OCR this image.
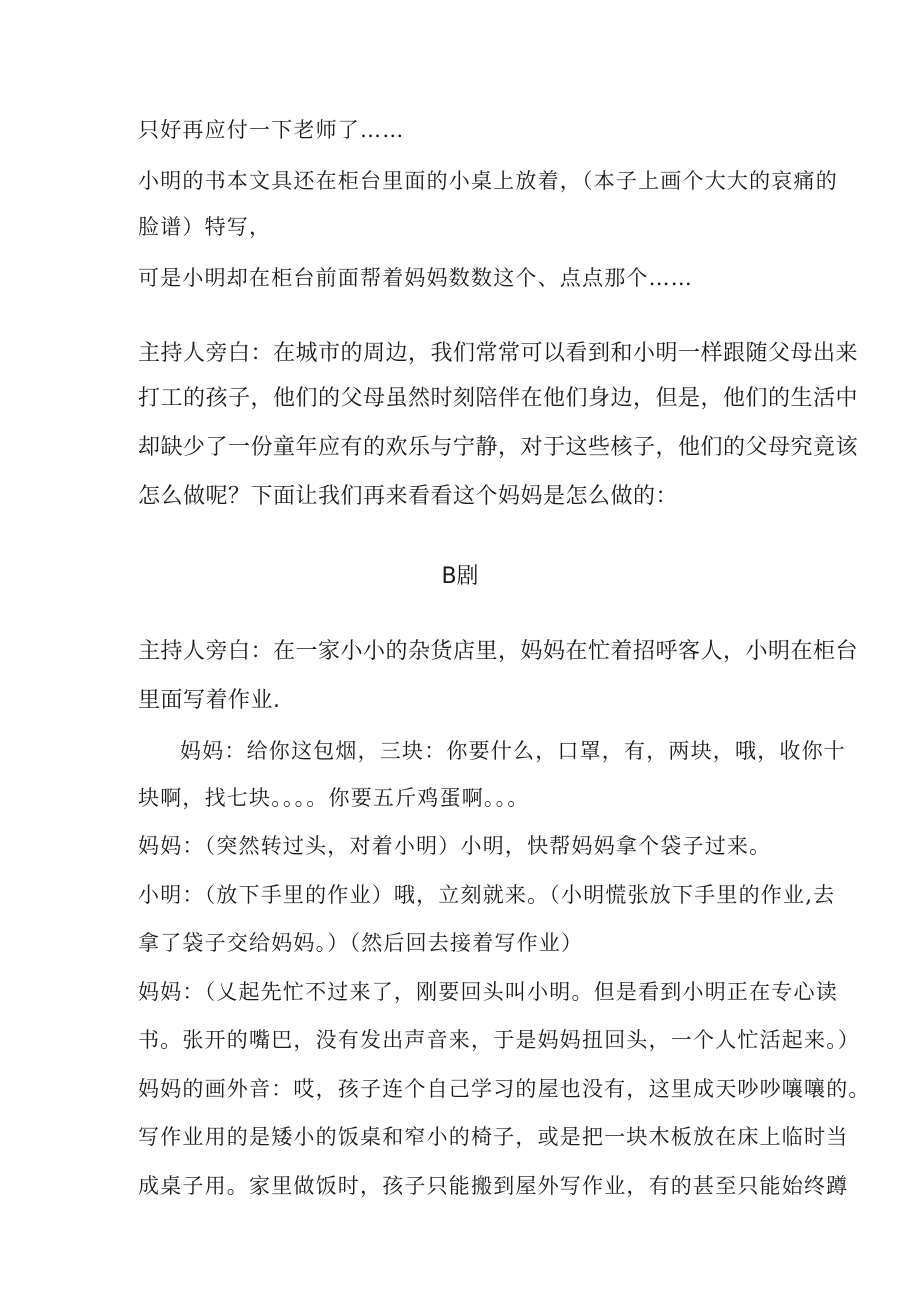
只好再应付一下老师了……
小明的书本文具还在柜台里面的小桌上放着，（本子上画个大大的哀痛的
脸谱）特写，
可是小明却在柜台前面帮着妈妈数数这个、点点那个……
主持人旁白：在城市的周边，我们常常可以看到和小明一样跟随父母出来
打工的孩子，他们的父母虽然时刻陪伴在他们身边，但是，他们的生活中
却缺少了一份童年应有的欢乐与宁静，对于这些核子，他们的父母究竟该
怎么做呢？下面让我们再来看看这个妈妈是怎么做的：
B剧
主持人旁白：在一家小小的杂货店里，妈妈在忙着招呼客人，小明在柜台
里面写着作业.
妈妈：给你这包烟，三块：你要什么，口罩，有，两块，哦，收你十
块啊，找七块。。。。你要五斤鸡蛋啊。。。
妈妈：（突然转过头，对着小明）小明，快帮妈妈拿个袋子过来。
小明：（放下手里的作业）哦，立刻就来。（小明慌张放下手里的作业,去
拿了袋子交给妈妈。）（然后回去接着写作业）
妈妈：（乂起先忙不过来了，刚要回头叫小明。但是看到小明正在专心读
书。张开的嘴巴，没有发出声音来，于是妈妈扭回头，一个人忙活起来。）
妈妈的画外音：哎，孩子连个自己学习的屋也没有，这里成天吵吵嚷嚷的。
写作业用的是矮小的饭桌和窄小的椅子，或是把一块木板放在床上临时当
成桌子用。家里做饭时，孩子只能搬到屋外写作业，有的甚至只能始终蹲
